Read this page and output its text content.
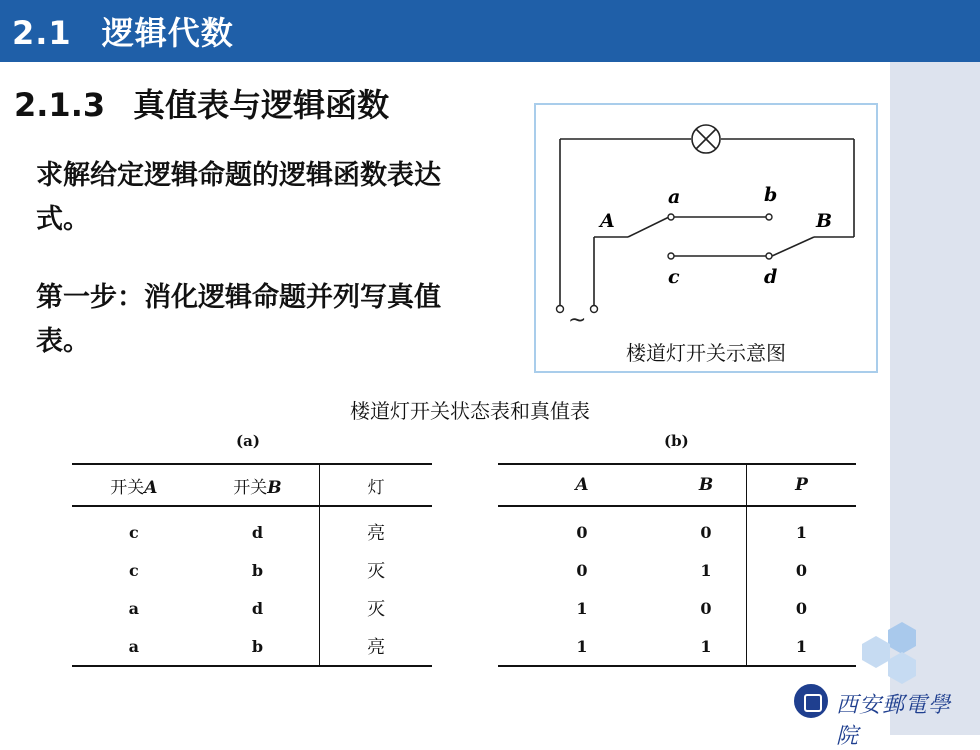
2.1 逻辑代数
2.1.3 真值表与逻辑函数
求解给定逻辑命题的逻辑函数表达式。
第一步：消化逻辑命题并列写真值表。
a	b
A	B
c	d
~
楼道灯开关示意图
楼道灯开关状态表和真值表
(a)	(b)
开关A	开关B	灯
c	d	亮
c	b	灭
a	d	灭
a	b	亮
A	B	P
0	0	1
0	1	0
1	0	0
1	1	1
西安郵電學院
